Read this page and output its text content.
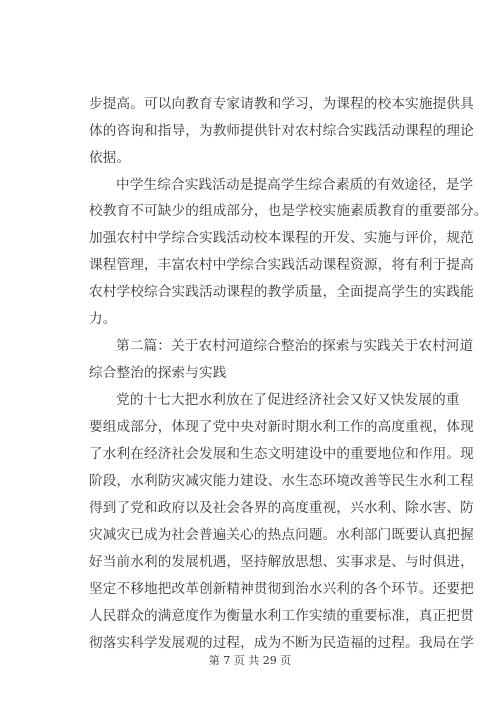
步提高。可以向教育专家请教和学习，为课程的校本实施提供具
体的咨询和指导，为教师提供针对农村综合实践活动课程的理论
依据。
中学生综合实践活动是提高学生综合素质的有效途径，是学
校教育不可缺少的组成部分，也是学校实施素质教育的重要部分。
加强农村中学综合实践活动校本课程的开发、实施与评价，规范
课程管理，丰富农村中学综合实践活动课程资源，将有利于提高
农村学校综合实践活动课程的教学质量，全面提高学生的实践能
力。
第二篇：关于农村河道综合整治的探索与实践关于农村河道
综合整治的探索与实践
党的十七大把水利放在了促进经济社会又好又快发展的重
要组成部分，体现了党中央对新时期水利工作的高度重视，体现
了水利在经济社会发展和生态文明建设中的重要地位和作用。现
阶段，水利防灾减灾能力建设、水生态环境改善等民生水利工程
得到了党和政府以及社会各界的高度重视，兴水利、除水害、防
灾减灾已成为社会普遍关心的热点问题。水利部门既要认真把握
好当前水利的发展机遇，坚持解放思想、实事求是、与时俱进，
坚定不移地把改革创新精神贯彻到治水兴利的各个环节。还要把
人民群众的满意度作为衡量水利工作实绩的重要标准，真正把贯
彻落实科学发展观的过程，成为不断为民造福的过程。我局在学
第 7 页 共 29 页
